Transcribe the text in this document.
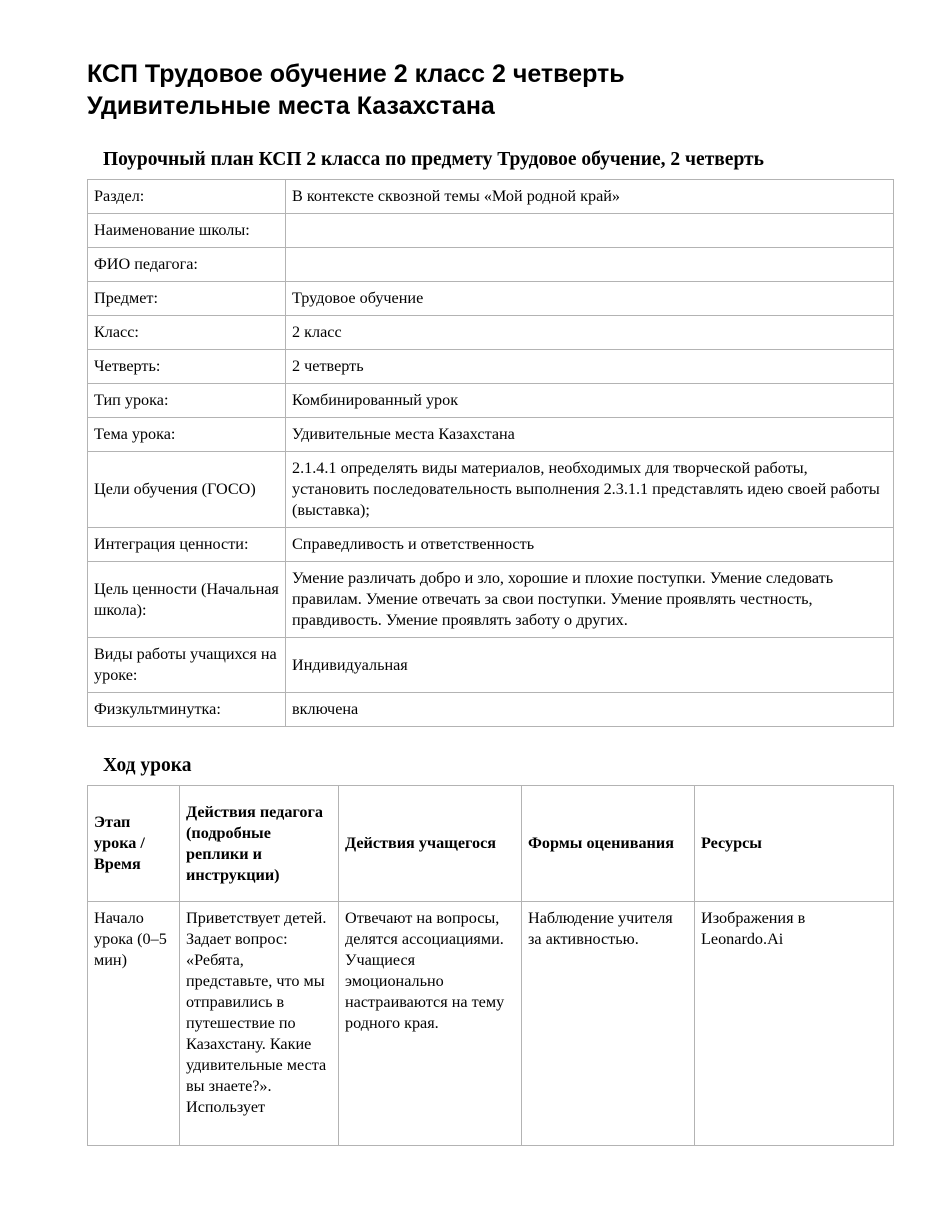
КСП Трудовое обучение 2 класс 2 четверть
Удивительные места Казахстана
Поурочный план КСП 2 класса по предмету Трудовое обучение, 2 четверть
Раздел:	В контексте сквозной темы «Мой родной край»
Наименование школы:	
ФИО педагога:	
Предмет:	Трудовое обучение
Класс:	2 класс
Четверть:	2 четверть
Тип урока:	Комбинированный урок
Тема урока:	Удивительные места Казахстана
Цели обучения (ГОСО)	2.1.4.1 определять виды материалов, необходимых для творческой работы, установить последовательность выполнения 2.3.1.1 представлять идею своей работы (выставка);
Интеграция ценности:	Справедливость и ответственность
Цель ценности (Начальная школа):	Умение различать добро и зло, хорошие и плохие поступки. Умение следовать правилам. Умение отвечать за свои поступки. Умение проявлять честность, правдивость. Умение проявлять заботу о других.
Виды работы учащихся на уроке:	Индивидуальная
Физкультминутка:	включена
Ход урока
Этап урока / Время	Действия педагога (подробные реплики и инструкции)	Действия учащегося	Формы оценивания	Ресурсы
Начало урока (0–5 мин)	Приветствует детей. Задает вопрос: «Ребята, представьте, что мы отправились в путешествие по Казахстану. Какие удивительные места вы знаете?». Использует	Отвечают на вопросы, делятся ассоциациями. Учащиеся эмоционально настраиваются на тему родного края.	Наблюдение учителя за активностью.	Изображения в Leonardo.Ai
